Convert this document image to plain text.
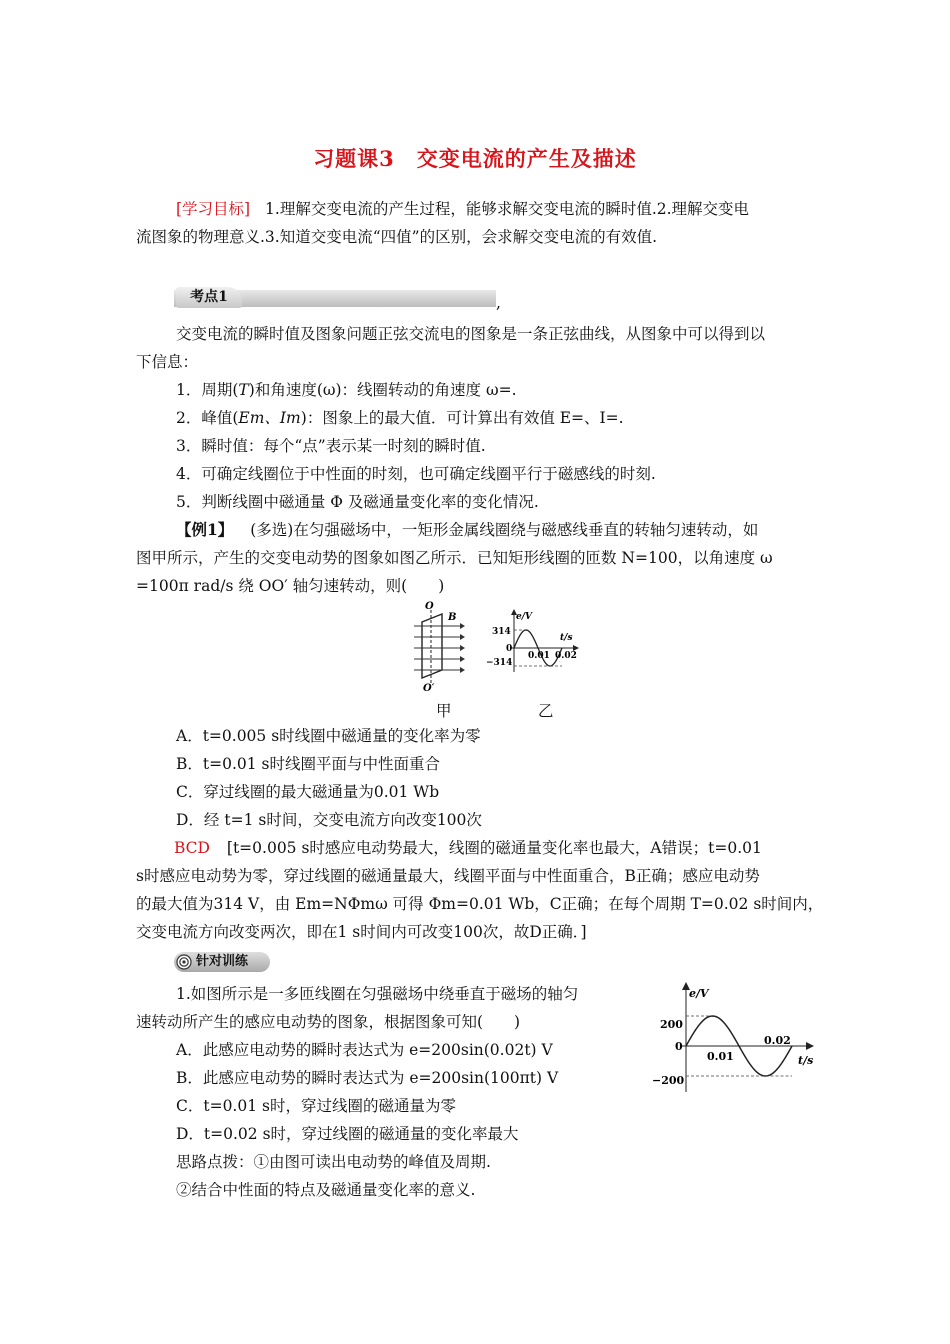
习题课3　交变电流的产生及描述
[学习目标] 1.理解交变电流的产生过程，能够求解交变电流的瞬时值.2.理解交变电
流图象的物理意义.3.知道交变电流“四值”的区别，会求解交变电流的有效值.
考点1	,
交变电流的瞬时值及图象问题正弦交流电的图象是一条正弦曲线，从图象中可以得到以
下信息：
1．周期(T)和角速度(ω)：线圈转动的角速度 ω=.
2．峰值(Em、Im)：图象上的最大值．可计算出有效值 E=、I=.
3．瞬时值：每个“点”表示某一时刻的瞬时值.
4．可确定线圈位于中性面的时刻，也可确定线圈平行于磁感线的时刻.
5．判断线圈中磁通量 Φ 及磁通量变化率的变化情况.
【例1】 (多选)在匀强磁场中，一矩形金属线圈绕与磁感线垂直的转轴匀速转动，如
图甲所示，产生的交变电动势的图象如图乙所示．已知矩形线圈的匝数 N=100，以角速度 ω
=100π rad/s 绕 OO′ 轴匀速转动，则(　　)
O
B
O′
甲
e/V
t/s
314
0
−314
0.01 0.02
乙
A．t=0.005 s时线圈中磁通量的变化率为零
B．t=0.01 s时线圈平面与中性面重合
C．穿过线圈的最大磁通量为0.01 Wb
D．经 t=1 s时间，交变电流方向改变100次
BCD [t=0.005 s时感应电动势最大，线圈的磁通量变化率也最大，A错误；t=0.01
s时感应电动势为零，穿过线圈的磁通量最大，线圈平面与中性面重合，B正确；感应电动势
的最大值为314 V，由 Em=NΦmω 可得 Φm=0.01 Wb，C正确；在每个周期 T=0.02 s时间内，
交变电流方向改变两次，即在1 s时间内可改变100次，故D正确．]
针对训练
1.如图所示是一多匝线圈在匀强磁场中绕垂直于磁场的轴匀
速转动所产生的感应电动势的图象，根据图象可知(　　)
A．此感应电动势的瞬时表达式为 e=200sin(0.02t) V
B．此感应电动势的瞬时表达式为 e=200sin(100πt) V
C．t=0.01 s时，穿过线圈的磁通量为零
D．t=0.02 s时，穿过线圈的磁通量的变化率最大
思路点拨：①由图可读出电动势的峰值及周期.
②结合中性面的特点及磁通量变化率的意义.
e/V
t/s
200
0
−200
0.01
0.02
